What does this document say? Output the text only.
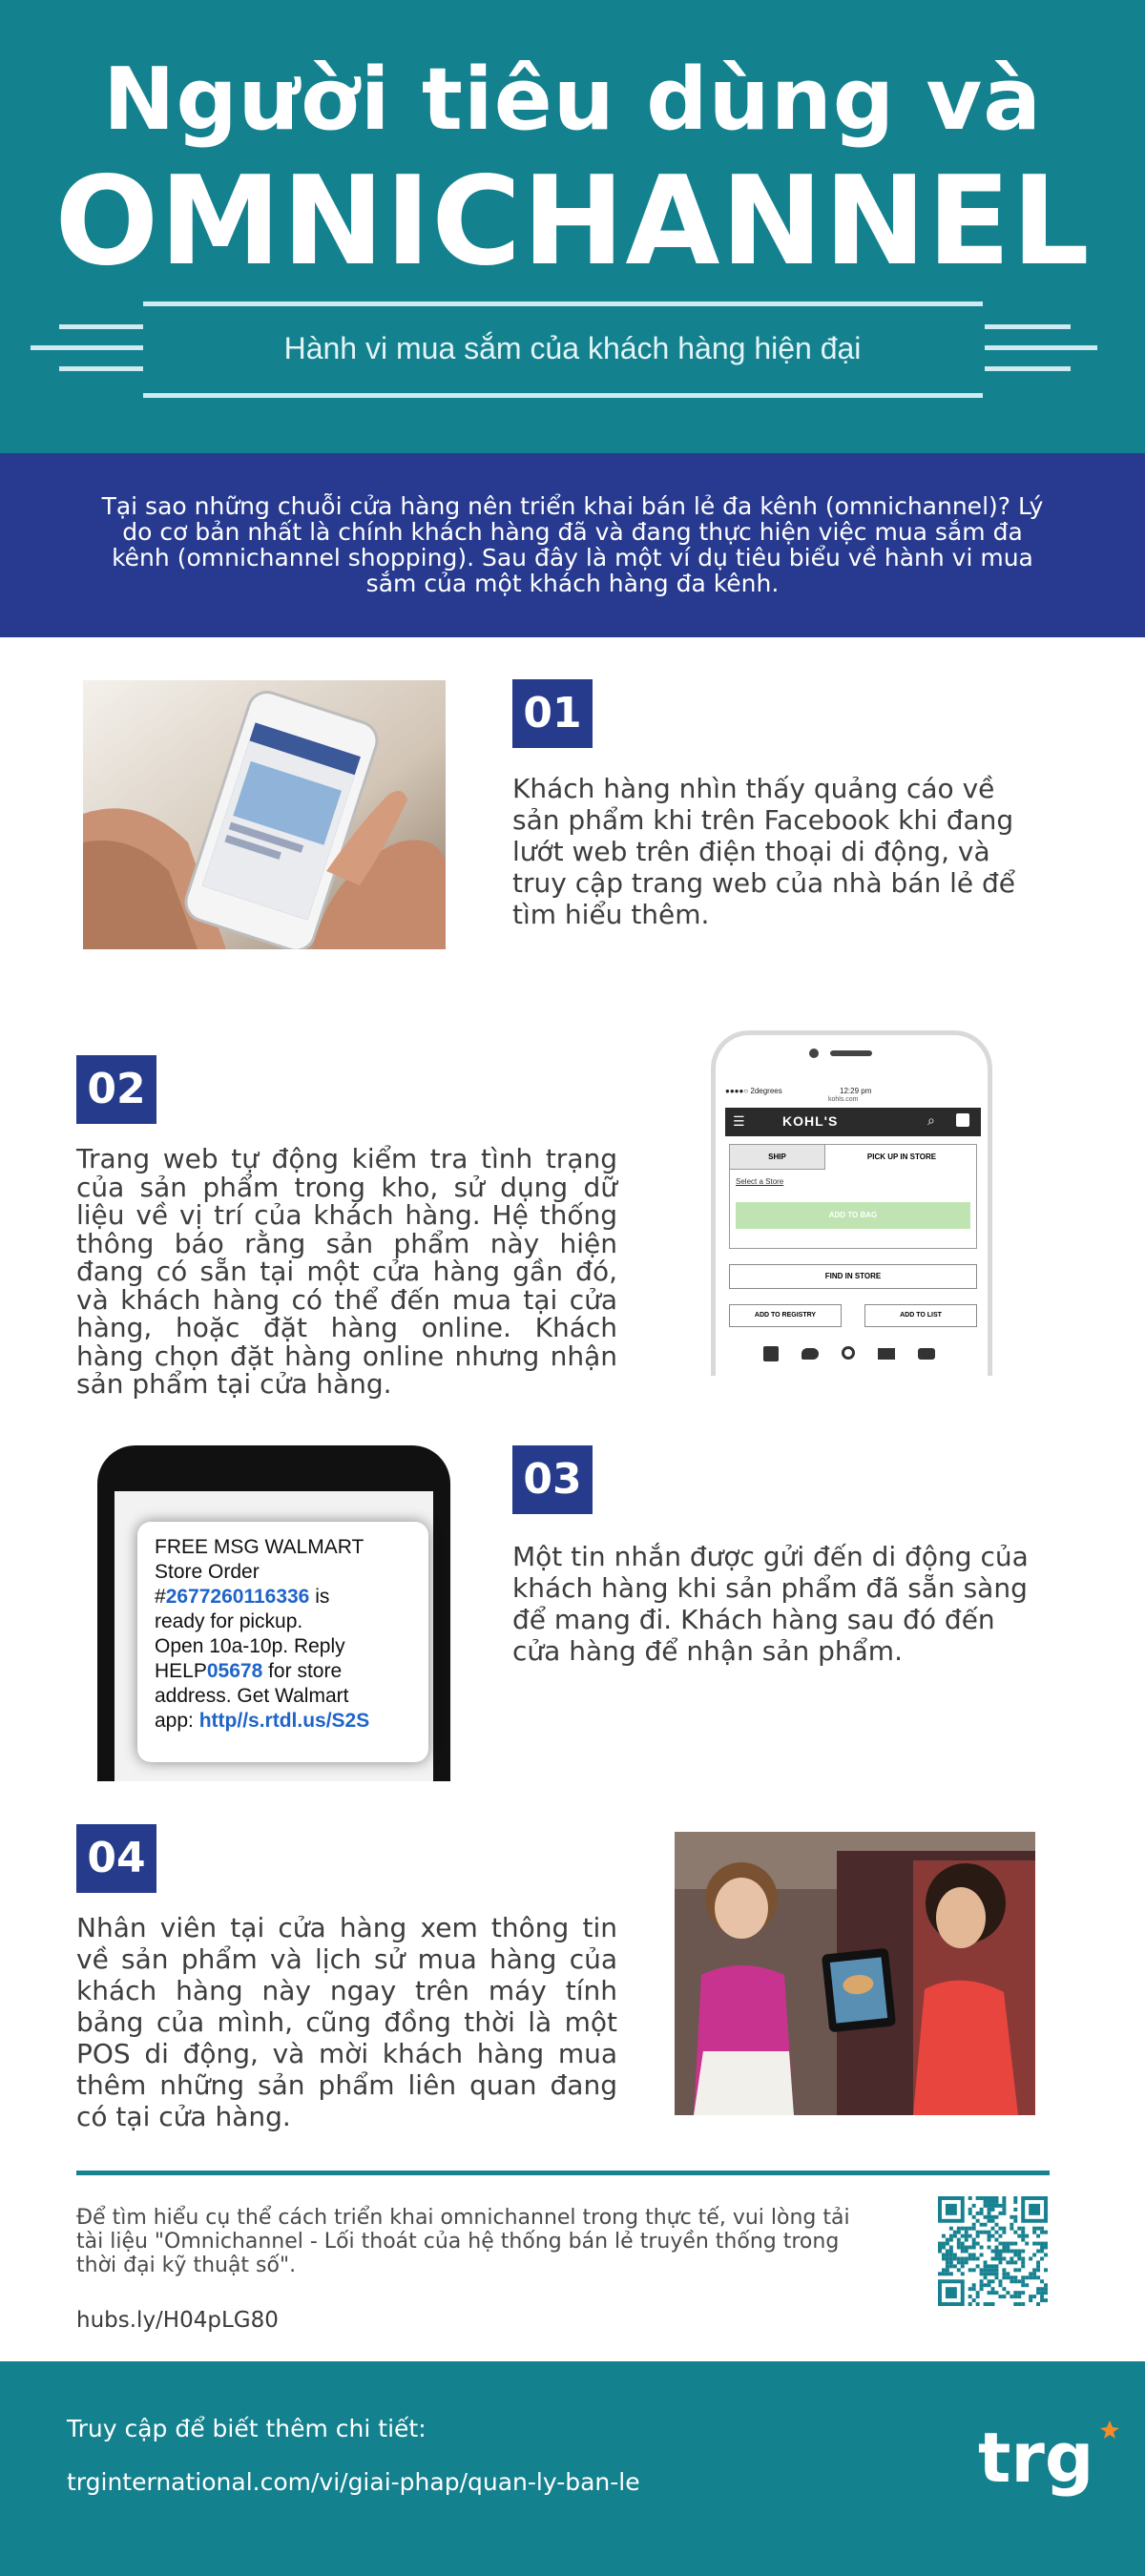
Người tiêu dùng và
OMNICHANNEL
Hành vi mua sắm của khách hàng hiện đại
Tại sao những chuỗi cửa hàng nên triển khai bán lẻ đa kênh (omnichannel)? Lý do cơ bản nhất là chính khách hàng đã và đang thực hiện việc mua sắm đa kênh (omnichannel shopping). Sau đây là một ví dụ tiêu biểu về hành vi mua sắm của một khách hàng đa kênh.
01
Khách hàng nhìn thấy quảng cáo về sản phẩm khi trên Facebook khi đang lướt web trên điện thoại di động, và truy cập trang web của nhà bán lẻ để tìm hiểu thêm.
02
Trang web tự động kiểm tra tình trạng của sản phẩm trong kho, sử dụng dữ liệu về vị trí của khách hàng. Hệ thống thông báo rằng sản phẩm này hiện đang có sẵn tại một cửa hàng gần đó, và khách hàng có thể đến mua tại cửa hàng, hoặc đặt hàng online. Khách hàng chọn đặt hàng online nhưng nhận sản phẩm tại cửa hàng.
●●●●○ 2degrees	12:29 pm
kohls.com
☰	KOHL'S	⌕
SHIP	PICK UP IN STORE
Select a Store
ADD TO BAG
FIND IN STORE
ADD TO REGISTRY	ADD TO LIST
FREE MSG WALMART
Store Order
#2677260116336 is
ready for pickup.
Open 10a-10p. Reply
HELP05678 for store
address. Get Walmart
app: http//s.rtdl.us/S2S
03
Một tin nhắn được gửi đến di động của khách hàng khi sản phẩm đã sẵn sàng để mang đi. Khách hàng sau đó đến cửa hàng để nhận sản phẩm.
04
Nhân viên tại cửa hàng xem thông tin về sản phẩm và lịch sử mua hàng của khách hàng này ngay trên máy tính bảng của mình, cũng đồng thời là một POS di động, và mời khách hàng mua thêm những sản phẩm liên quan đang có tại cửa hàng.
Để tìm hiểu cụ thể cách triển khai omnichannel trong thực tế, vui lòng tải tài liệu "Omnichannel - Lối thoát của hệ thống bán lẻ truyền thống trong thời đại kỹ thuật số".
hubs.ly/H04pLG80
Truy cập để biết thêm chi tiết:
trginternational.com/vi/giai-phap/quan-ly-ban-le	trg
